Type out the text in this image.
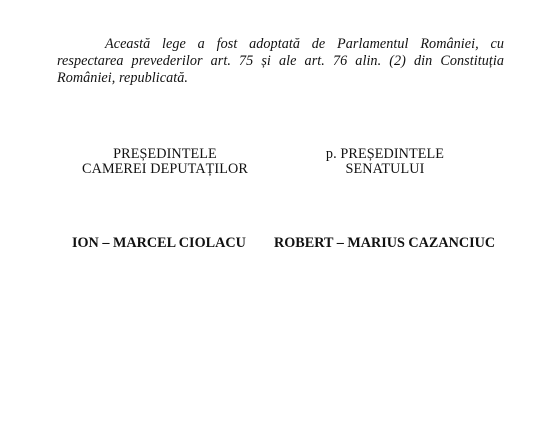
Această lege a fost adoptată de Parlamentul României, cu respectarea prevederilor art. 75 și ale art. 76 alin. (2) din Constituția României, republicată.

PREȘEDINTELE
CAMEREI DEPUTAȚILOR
p. PREȘEDINTELE
SENATULUI

ION – MARCEL CIOLACU ROBERT – MARIUS CAZANCIUC
